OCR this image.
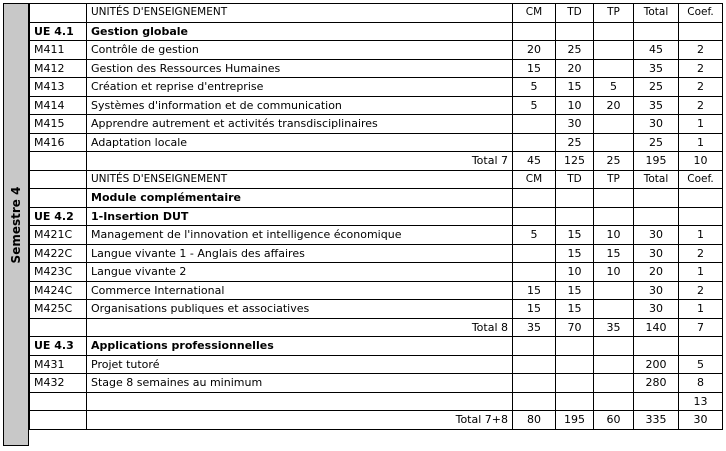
Semestre 4
	UNITÉS D'ENSEIGNEMENT	CM	TD	TP	Total	Coef.
UE 4.1	Gestion globale					
M411	Contrôle de gestion	20	25		45	2
M412	Gestion des Ressources Humaines	15	20		35	2
M413	Création et reprise d'entreprise	5	15	5	25	2
M414	Systèmes d'information et de communication	5	10	20	35	2
M415	Apprendre autrement et activités transdisciplinaires		30		30	1
M416	Adaptation locale		25		25	1
	Total 7	45	125	25	195	10
	UNITÉS D'ENSEIGNEMENT	CM	TD	TP	Total	Coef.
	Module complémentaire					
UE 4.2	1-Insertion DUT					
M421C	Management de l'innovation et intelligence économique	5	15	10	30	1
M422C	Langue vivante 1 - Anglais des affaires		15	15	30	2
M423C	Langue vivante 2		10	10	20	1
M424C	Commerce International	15	15		30	2
M425C	Organisations publiques et associatives	15	15		30	1
	Total 8	35	70	35	140	7
UE 4.3	Applications professionnelles					
M431	Projet tutoré				200	5
M432	Stage 8 semaines au minimum				280	8
						13
	Total 7+8	80	195	60	335	30
